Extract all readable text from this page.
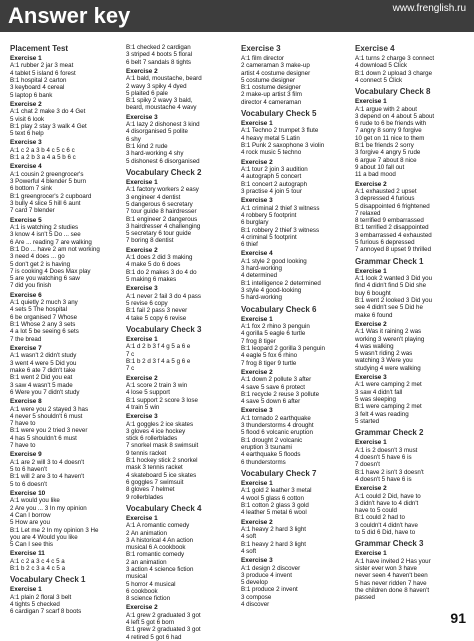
Answer key	www.frenglish.ru
Placement Test
Exercise 1
A:1 rubber 2 jar 3 meat
4 tablet 5 island 6 forest
B:1 hospital 2 carton
3 keyboard 4 cereal
5 laptop 6 bank
Exercise 2
A:1 chat 2 make 3 do 4 Get
5 visit 6 look
B:1 play 2 stay 3 walk 4 Get
5 text 6 help
Exercise 3
A:1 c 2 a 3 b 4 c 5 c 6 c
B:1 a 2 b 3 a 4 a 5 b 6 c
Exercise 4
A:1 cousin 2 greengrocer's
3 Powerful 4 blender 5 burn
6 bottom 7 sink
B:1 greengrocer's 2 cupboard
3 bully 4 slice 5 hill 6 aunt
7 card 7 blender
Exercise 5
A:1 is watching 2 studies
3 know 4 isn't 5 Do ... see
6 Are ... reading 7 are walking
B:1 Do ... have 2 am not working
3 need 4 does ... go
5 don't get 2 is having
7 is cooking 4 Does Max play
5 are you watching 6 saw
7 did you finish
Exercise 6
A:1 quietly 2 much 3 any
4 sets 5 The hospital
6 be organised 7 Whose
B:1 Whose 2 any 3 sets
4 a lot 5 be seeing 6 sets
7 the bread
Exercise 7
A:1 wasn't 2 didn't study
3 went 4 were 5 Did you
make 6 ate 7 didn't take
B:1 went 2 Did you eat
3 saw 4 wasn't 5 made
6 Were you 7 didn't study
Exercise 8
A:1 were you 2 stayed 3 has
4 never 5 shouldn't 6 must
7 have to
B:1 were you 2 tried 3 never
4 has 5 shouldn't 6 must
7 have to
Exercise 9
A:1 are 2 will 3 to 4 doesn't
5 to 6 haven't
B:1 will 2 are 3 to 4 haven't
5 to 6 doesn't
Exercise 10
A:1 would you like
2 Are you ... 3 In my opinion
4 Can I borrow
5 How are you
B:1 Let me 2 In my opinion 3 He
you are 4 Would you like
5 Can I see this
Exercise 11
A:1 c 2 a 3 c 4 c 5 a
B:1 b 2 c 3 a 4 c 5 a
Vocabulary Check 1
Exercise 1
A:1 plain 2 floral 3 belt
4 tights 5 checked
6 cardigan 7 scarf 8 boots
B:1 checked 2 cardigan
3 striped 4 boots 5 floral
6 belt 7 sandals 8 tights
Exercise 2
A:1 bald, moustache, beard
2 wavy 3 spiky 4 dyed
5 plaited 6 pale
B:1 spiky 2 wavy 3 bald,
beard, moustache 4 wavy
Exercise 3
A:1 lazy 2 dishonest 3 kind
4 disorganised 5 polite
6 shy
B:1 kind 2 rude
3 hard-working 4 shy
5 dishonest 6 disorganised
Vocabulary Check 2
Exercise 1
A:1 factory workers 2 easy
3 engineer 4 dentist
5 dangerous 6 secretary
7 tour guide 8 hairdresser
B:1 engineer 2 dangerous
3 hairdresser 4 challenging
5 secretary 6 tour guide
7 boring 8 dentist
Exercise 2
A:1 does 2 did 3 making
4 make 5 do 6 does
B:1 do 2 makes 3 do 4 do
5 making 6 makes
Exercise 3
A:1 never 2 fail 3 do 4 pass
5 revise 6 copy
B:1 fail 2 pass 3 never
4 take 5 copy 6 revise
Vocabulary Check 3
Exercise 1
A:1 d 2 b 3 f 4 g 5 a 6 e
7 c
B:1 b 2 d 3 f 4 a 5 g 6 e
7 c
Exercise 2
A:1 score 2 train 3 win
4 lose 5 support
B:1 support 2 score 3 lose
4 train 5 win
Exercise 3
A:1 goggles 2 ice skates
3 gloves 4 ice hockey
stick 6 rollerblades
7 snorkel mask 8 swimsuit
9 tennis racket
B:1 hockey stick 2 snorkel
mask 3 tennis racket
4 skateboard 5 ice skates
6 goggles 7 swimsuit
8 gloves 7 helmet
9 rollerblades
Vocabulary Check 4
Exercise 1
A:1 A romantic comedy
2 An animation
3 A historical 4 An action
musical 6 A cookbook
B:1 romantic comedy
2 an animation
3 action 4 science fiction
musical
5 horror 4 musical
6 cookbook
8 science fiction
Exercise 2
A:1 grew 2 graduated 3 got
4 left 5 got 6 born
B:1 grew 2 graduated 3 got
4 retired 5 got 6 had
Exercise 3
A:1 film director
2 cameraman 3 make-up
artist 4 costume designer
5 costume designer
B:1 costume designer
2 make-up artist 3 film
director 4 cameraman
Vocabulary Check 5
Exercise 1
A:1 Techno 2 trumpet 3 flute
4 heavy metal 5 Latin
B:1 Punk 2 saxophone 3 violin
4 rock music 5 techno
Exercise 2
A:1 tour 2 join 3 audition
4 autograph 5 concert
B:1 concert 2 autograph
3 practise 4 join 5 tour
Exercise 3
A:1 criminal 2 thief 3 witness
4 robbery 5 footprint
6 burglary
B:1 robbery 2 thief 3 witness
4 criminal 5 footprint
6 thief
Exercise 4
A:1 style 2 good looking
3 hard-working
4 determined
B:1 intelligence 2 determined
3 style 4 good-looking
5 hard-working
Vocabulary Check 6
Exercise 1
A:1 fox 2 rhino 3 penguin
4 gorilla 5 eagle 6 turtle
7 frog 8 tiger
B:1 leopard 2 gorilla 3 penguin
4 eagle 5 fox 6 rhino
7 frog 8 tiger 9 turtle
Exercise 2
A:1 down 2 pollute 3 after
4 save 5 save 6 protect
B:1 recycle 2 reuse 3 pollute
4 save 5 down 6 after
Exercise 3
A:1 tornado 2 earthquake
3 thunderstorms 4 drought
5 flood 6 volcanic eruption
B:1 drought 2 volcanic
eruption 3 tsunami
4 earthquake 5 floods
6 thunderstorms
Vocabulary Check 7
Exercise 1
A:1 gold 2 leather 3 metal
4 wool 5 glass 6 cotton
B:1 cotton 2 glass 3 gold
4 leather 5 metal 6 wool
Exercise 2
A:1 heavy 2 hard 3 light
4 soft
B:1 heavy 2 hard 3 light
4 soft
Exercise 3
A:1 design 2 discover
3 produce 4 invent
5 develop
B:1 produce 2 invent
3 compose
4 discover
Exercise 4
A:1 turns 2 charge 3 connect
4 download 5 Click
B:1 down 2 upload 3 charge
4 connect 5 Click
Vocabulary Check 8
Exercise 1
A:1 argue with 2 about
3 depend on 4 about 5 about
6 rude to 6 be friends with
7 angry 8 sorry 9 forgive
10 get on 11 nice to them
B:1 be friends 2 sorry
3 forgive 4 angry 5 rude
6 argue 7 about 8 nice
9 about 10 fall out
11 a bad mood
Exercise 2
A:1 exhausted 2 upset
3 depressed 4 furious
5 disappointed 6 frightened
7 relaxed
8 terrified 9 embarrassed
B:1 terrified 2 disappointed
3 embarrassed 4 exhausted
5 furious 6 depressed
7 annoyed 8 upset 9 thrilled
Grammar Check 1
Exercise 1
A:1 look 2 wanted 3 Did you
find 4 didn't find 5 Did she
buy 6 bought
B:1 went 2 looked 3 Did you
see 4 didn't see 5 Did he
make 6 found
Exercise 2
A:1 Was it raining 2 was
working 3 weren't playing
4 was walking
5 wasn't riding 2 was
watching 3 Were you
studying 4 were walking
Exercise 3
A:1 were camping 2 met
3 saw 4 didn't fall
5 was sleeping
B:1 were camping 2 met
3 felt 4 was reading
5 started
Grammar Check 2
Exercise 1
A:1 is 2 doesn't 3 must
4 doesn't 5 have 6 is
7 doesn't
B:1 have 2 isn't 3 doesn't
4 doesn't 5 have 6 is
Exercise 2
A:1 could 2 Did, have to
3 didn't have to 4 didn't
have to 5 could
B:1 could 2 had to
3 couldn't 4 didn't have
to 5 did 6 Did, have to
Grammar Check 3
Exercise 1
A:1 have invited 2 Has your
sister ever won 3 have
never seen 4 haven't been
5 has never ridden 7 have
the children done 8 haven't
passed
91
